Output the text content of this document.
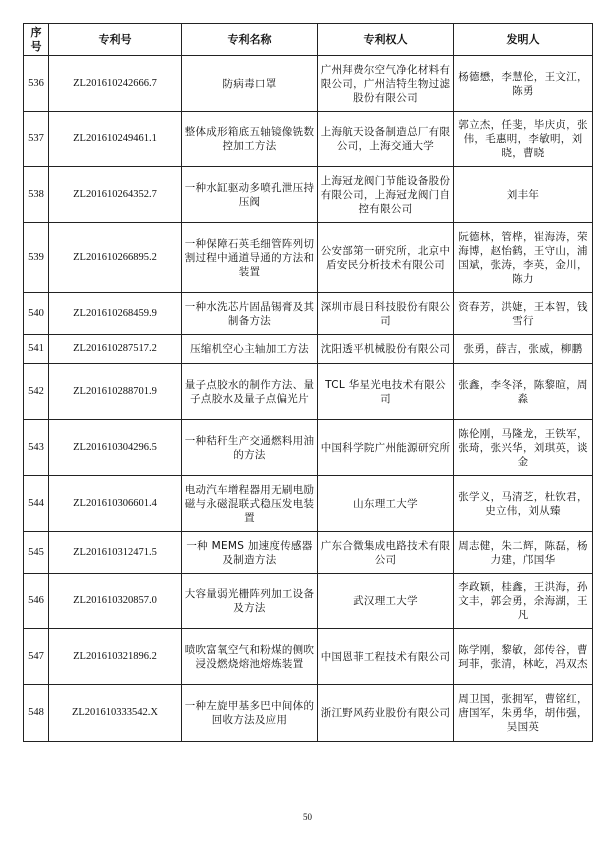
序号	专利号	专利名称	专利权人	发明人
536	ZL201610242666.7	防病毒口罩	广州拜费尔空气净化材料有限公司，广州洁特生物过滤股份有限公司	杨德懋，李慧伦，王文江，陈勇
537	ZL201610249461.1	整体成形箱底五轴镜像铣数控加工方法	上海航天设备制造总厂有限公司，上海交通大学	郭立杰，任斐，毕庆贞，张伟，毛惠明，李敏明，刘晓，曹晓
538	ZL201610264352.7	一种水缸驱动多喷孔泄压持压阀	上海冠龙阀门节能设备股份有限公司，上海冠龙阀门自控有限公司	刘丰年
539	ZL201610266895.2	一种保障石英毛细管阵列切割过程中通道导通的方法和装置	公安部第一研究所，北京中盾安民分析技术有限公司	阮德林，管桦，崔海涛，荣海博，赵怡鹤，王守山，浦国斌，张涛，李英，金川，陈力
540	ZL201610268459.9	一种水洗芯片固晶锡膏及其制备方法	深圳市晨日科技股份有限公司	资春芳，洪婕，王本智，钱雪行
541	ZL201610287517.2	压缩机空心主轴加工方法	沈阳透平机械股份有限公司	张勇，薛吉，张威，柳鹏
542	ZL201610288701.9	量子点胶水的制作方法、量子点胶水及量子点偏光片	TCL 华星光电技术有限公司	张鑫，李冬泽，陈黎暄，周淼
543	ZL201610304296.5	一种秸秆生产交通燃料用油的方法	中国科学院广州能源研究所	陈伦刚，马隆龙，王铁军，张琦，张兴华，刘琪英，谈金
544	ZL201610306601.4	电动汽车增程器用无刷电励磁与永磁混联式稳压发电装置	山东理工大学	张学义，马清芝，杜钦君，史立伟，刘从臻
545	ZL201610312471.5	一种 MEMS 加速度传感器及制造方法	广东合微集成电路技术有限公司	周志健，朱二辉，陈磊，杨力建，邝国华
546	ZL201610320857.0	大容量弱光栅阵列加工设备及方法	武汉理工大学	李政颖，桂鑫，王洪海，孙文丰，郭会勇，余海湖，王凡
547	ZL201610321896.2	喷吹富氧空气和粉煤的侧吹浸没燃烧熔池熔炼装置	中国恩菲工程技术有限公司	陈学刚，黎敏，郐传谷，曹珂菲，张清，林屹，冯双杰
548	ZL201610333542.X	一种左旋甲基多巴中间体的回收方法及应用	浙江野风药业股份有限公司	周卫国，张拥军，曹铭红，唐国军，朱勇华，胡伟强，吴国英
50
